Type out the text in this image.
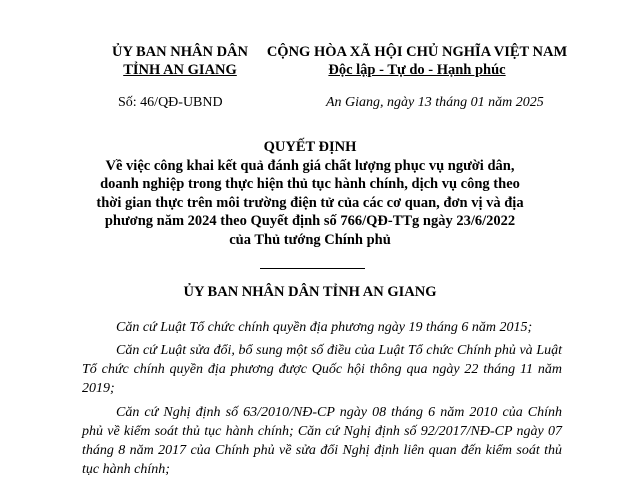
ỦY BAN NHÂN DÂN
TỈNH AN GIANG
CỘNG HÒA XÃ HỘI CHỦ NGHĨA VIỆT NAM
Độc lập - Tự do - Hạnh phúc
Số: 46/QĐ-UBND	An Giang, ngày 13 tháng 01 năm 2025
QUYẾT ĐỊNH
Về việc công khai kết quả đánh giá chất lượng phục vụ người dân,
doanh nghiệp trong thực hiện thủ tục hành chính, dịch vụ công theo
thời gian thực trên môi trường điện tử của các cơ quan, đơn vị và địa
phương năm 2024 theo Quyết định số 766/QĐ-TTg ngày 23/6/2022
của Thủ tướng Chính phủ
ỦY BAN NHÂN DÂN TỈNH AN GIANG

Căn cứ Luật Tổ chức chính quyền địa phương ngày 19 tháng 6 năm 2015;

Căn cứ Luật sửa đổi, bổ sung một số điều của Luật Tổ chức Chính phủ và Luật Tổ chức chính quyền địa phương được Quốc hội thông qua ngày 22 tháng 11 năm 2019;

Căn cứ Nghị định số 63/2010/NĐ-CP ngày 08 tháng 6 năm 2010 của Chính phủ về kiểm soát thủ tục hành chính; Căn cứ Nghị định số 92/2017/NĐ-CP ngày 07 tháng 8 năm 2017 của Chính phủ về sửa đổi Nghị định liên quan đến kiểm soát thủ tục hành chính;
